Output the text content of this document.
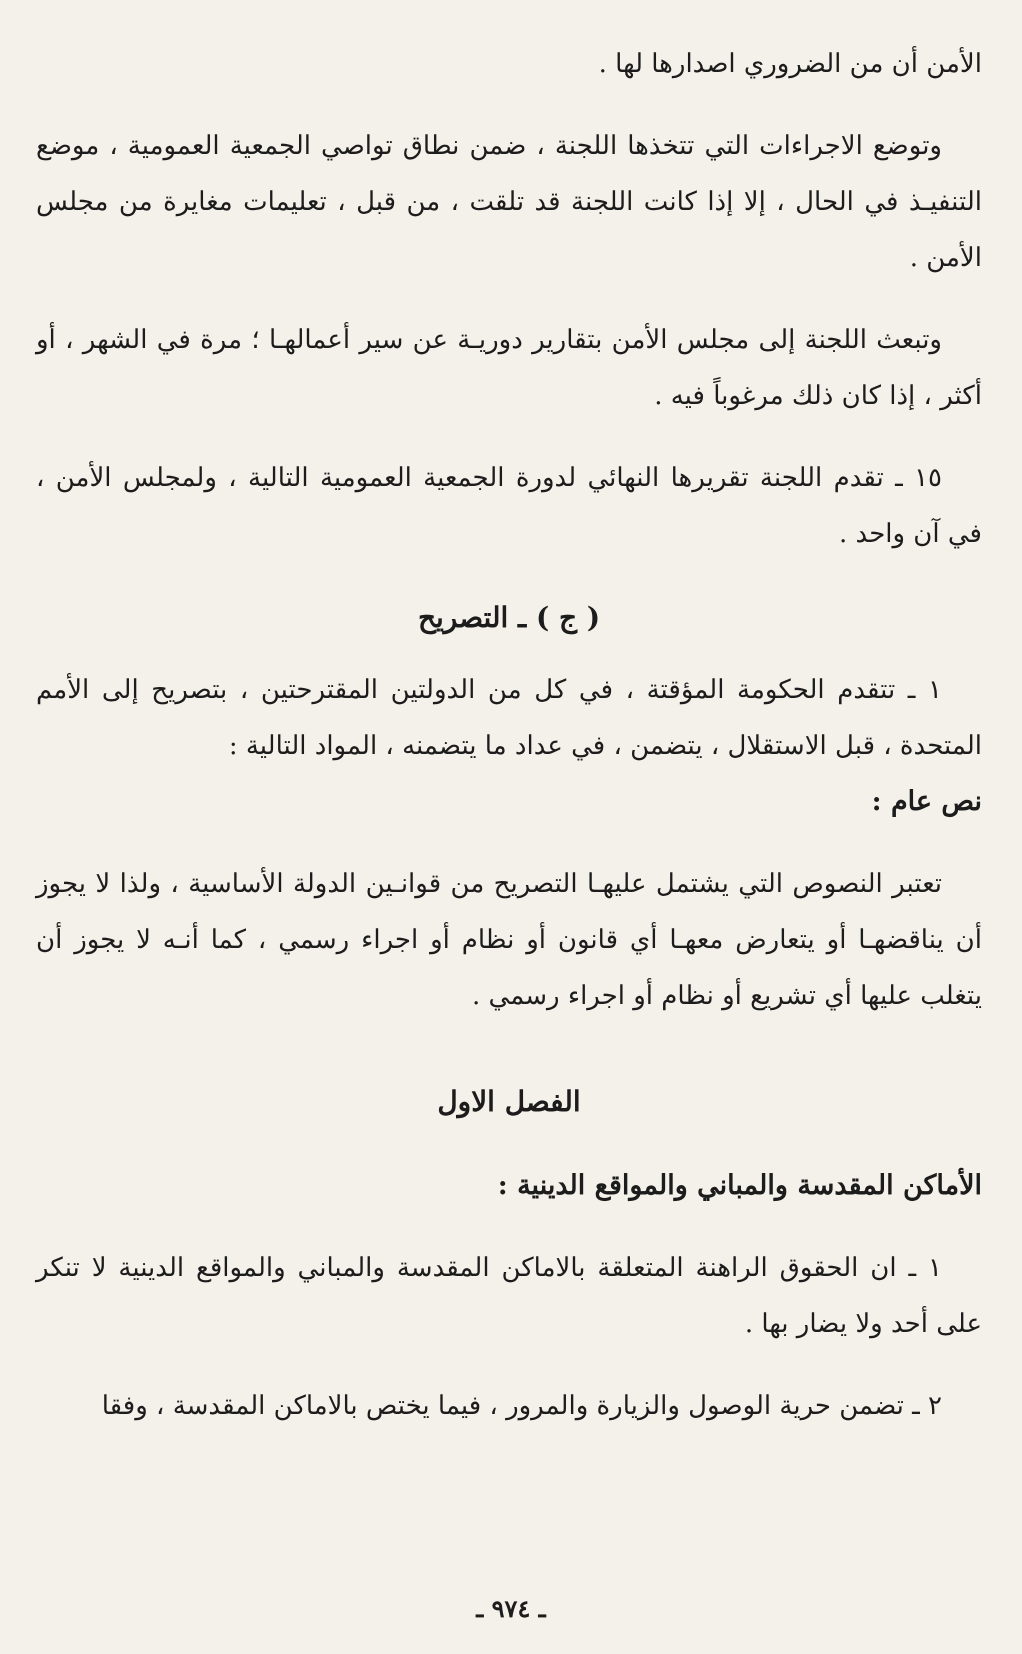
الأمن أن من الضروري اصدارها لها .

وتوضع الاجراءات التي تتخذها اللجنة ، ضمن نطاق تواصي الجمعية العمومية ، موضع التنفيـذ في الحال ، إلا إذا كانت اللجنة قد تلقت ، من قبل ، تعليمات مغايرة من مجلس الأمن .

وتبعث اللجنة إلى مجلس الأمن بتقارير دوريـة عن سير أعمالهـا ؛ مرة في الشهر ، أو أكثر ، إذا كان ذلك مرغوباً فيه .

١٥ ـ تقدم اللجنة تقريرها النهائي لدورة الجمعية العمومية التالية ، ولمجلس الأمن ، في آن واحد .

( ج ) ـ التصريح

١ ـ تتقدم الحكومة المؤقتة ، في كل من الدولتين المقترحتين ، بتصريح إلى الأمم المتحدة ، قبل الاستقلال ، يتضمن ، في عداد ما يتضمنه ، المواد التالية :

نص عام :

تعتبر النصوص التي يشتمل عليهـا التصريح من قوانـين الدولة الأساسية ، ولذا لا يجوز أن يناقضهـا أو يتعارض معهـا أي قانون أو نظام أو اجراء رسمي ، كما أنـه لا يجوز أن يتغلب عليها أي تشريع أو نظام أو اجراء رسمي .

الفصل الاول

الأماكن المقدسة والمباني والمواقع الدينية :

١ ـ ان الحقوق الراهنة المتعلقة بالاماكن المقدسة والمباني والمواقع الدينية لا تنكر على أحد ولا يضار بها .

٢ ـ تضمن حرية الوصول والزيارة والمرور ، فيما يختص بالاماكن المقدسة ، وفقا

ـ ٩٧٤ ـ
